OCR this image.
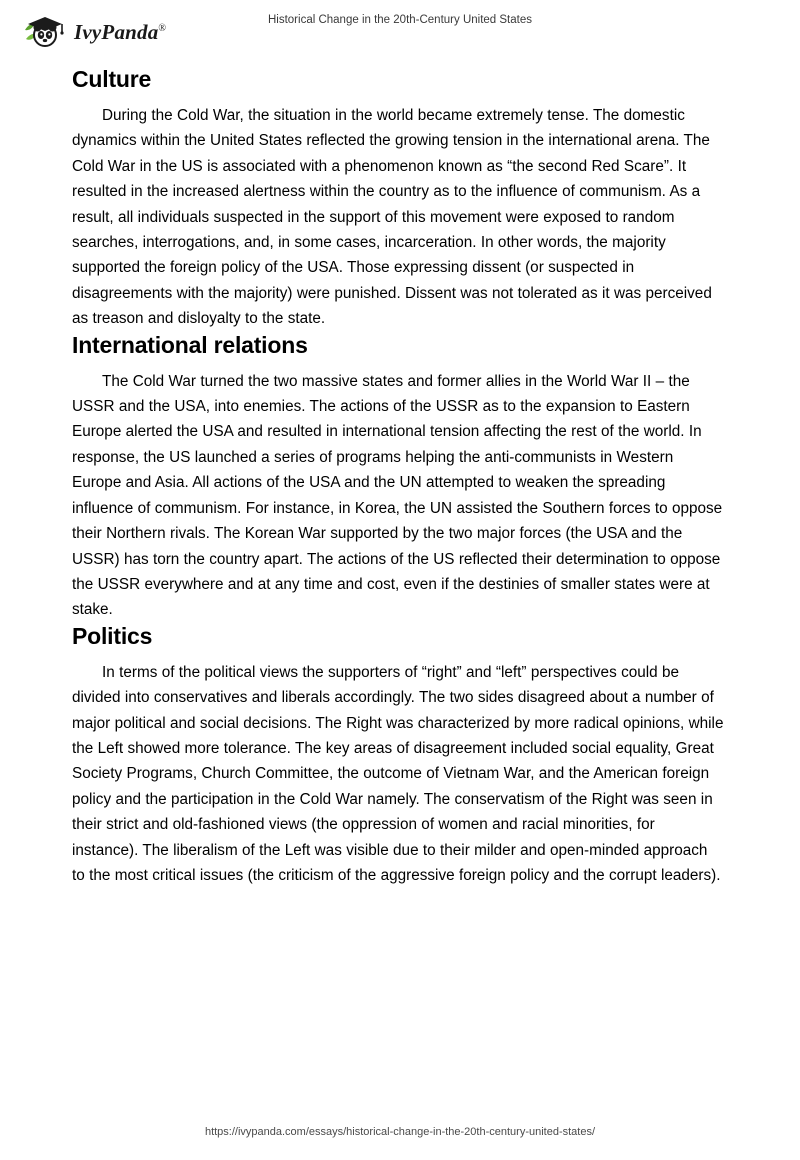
IvyPanda®
Historical Change in the 20th-Century United States
Culture

During the Cold War, the situation in the world became extremely tense. The domestic dynamics within the United States reflected the growing tension in the international arena. The Cold War in the US is associated with a phenomenon known as “the second Red Scare”. It resulted in the increased alertness within the country as to the influence of communism. As a result, all individuals suspected in the support of this movement were exposed to random searches, interrogations, and, in some cases, incarceration. In other words, the majority supported the foreign policy of the USA. Those expressing dissent (or suspected in disagreements with the majority) were punished. Dissent was not tolerated as it was perceived as treason and disloyalty to the state.

International relations

The Cold War turned the two massive states and former allies in the World War II – the USSR and the USA, into enemies. The actions of the USSR as to the expansion to Eastern Europe alerted the USA and resulted in international tension affecting the rest of the world. In response, the US launched a series of programs helping the anti-communists in Western Europe and Asia. All actions of the USA and the UN attempted to weaken the spreading influence of communism. For instance, in Korea, the UN assisted the Southern forces to oppose their Northern rivals. The Korean War supported by the two major forces (the USA and the USSR) has torn the country apart. The actions of the US reflected their determination to oppose the USSR everywhere and at any time and cost, even if the destinies of smaller states were at stake.

Politics

In terms of the political views the supporters of “right” and “left” perspectives could be divided into conservatives and liberals accordingly. The two sides disagreed about a number of major political and social decisions. The Right was characterized by more radical opinions, while the Left showed more tolerance. The key areas of disagreement included social equality, Great Society Programs, Church Committee, the outcome of Vietnam War, and the American foreign policy and the participation in the Cold War namely. The conservatism of the Right was seen in their strict and old-fashioned views (the oppression of women and racial minorities, for instance). The liberalism of the Left was visible due to their milder and open-minded approach to the most critical issues (the criticism of the aggressive foreign policy and the corrupt leaders).

https://ivypanda.com/essays/historical-change-in-the-20th-century-united-states/
